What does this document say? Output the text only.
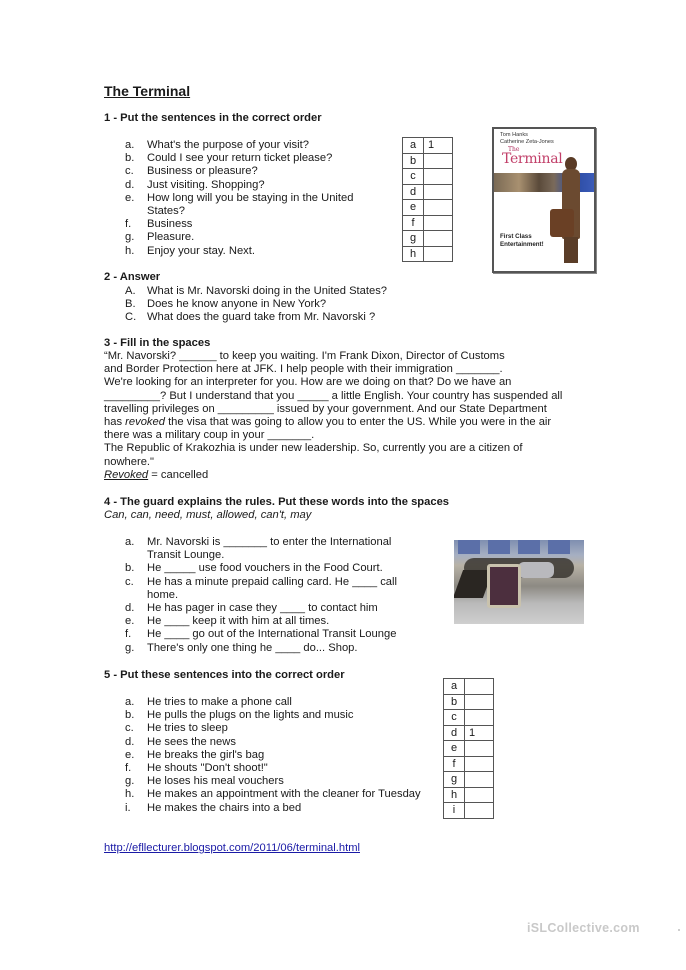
The Terminal
1 - Put the sentences in the correct order
a. What's the purpose of your visit?
b. Could I see your return ticket please?
c. Business or pleasure?
d. Just visiting. Shopping?
e. How long will you be staying in the United States?
f. Business
g. Pleasure.
h. Enjoy your stay. Next.
a	1
b	
c	
d	
e	
f	
g	
h	
Tom Hanks
Catherine Zeta-Jones
The
Terminal
First Class
Entertainment!
2 - Answer
A. What is Mr. Navorski doing in the United States?
B. Does he know anyone in New York?
C. What does the guard take from Mr. Navorski ?
3 - Fill in the spaces
“Mr. Navorski? ______ to keep you waiting. I'm Frank Dixon, Director of Customs
and Border Protection here at JFK. I help people with their immigration _______.
We're looking for an interpreter for you. How are we doing on that? Do we have an
_________? But I understand that you _____ a little English. Your country has suspended all
travelling privileges on _________ issued by your government. And our State Department
has revoked the visa that was going to allow you to enter the US. While you were in the air
there was a military coup in your _______.
The Republic of Krakozhia is under new leadership. So, currently you are a citizen of
nowhere."
Revoked = cancelled
4 - The guard explains the rules. Put these words into the spaces
Can, can, need, must, allowed, can't, may
a. Mr. Navorski is _______ to enter the International Transit Lounge.
b. He _____ use food vouchers in the Food Court.
c. He has a minute prepaid calling card. He ____ call home.
d. He has pager in case they ____ to contact him
e. He ____ keep it with him at all times.
f. He ____ go out of the International Transit Lounge
g. There's only one thing he ____ do... Shop.
5 - Put these sentences into the correct order
a. He tries to make a phone call
b. He pulls the plugs on the lights and music
c. He tries to sleep
d. He sees the news
e. He breaks the girl's bag
f. He shouts "Don't shoot!"
g. He loses his meal vouchers
h. He makes an appointment with the cleaner for Tuesday
i. He makes the chairs into a bed
a	
b	
c	
d	1
e	
f	
g	
h	
i	
http://efllecturer.blogspot.com/2011/06/terminal.html
iSLCollective.com
